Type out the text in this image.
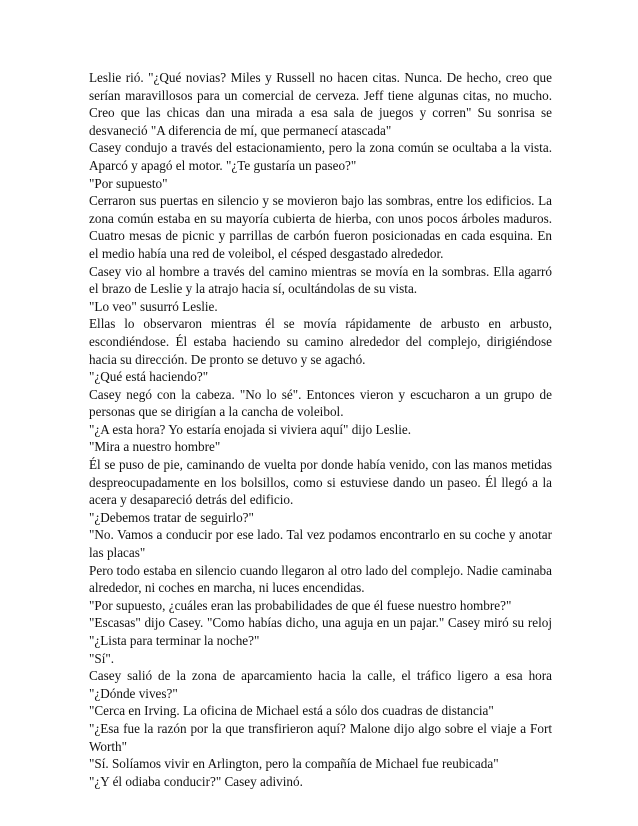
Leslie rió. "¿Qué novias? Miles y Russell no hacen citas. Nunca. De hecho, creo que serían maravillosos para un comercial de cerveza. Jeff tiene algunas citas, no mucho. Creo que las chicas dan una mirada a esa sala de juegos y corren" Su sonrisa se desvaneció "A diferencia de mí, que permanecí atascada"

Casey condujo a través del estacionamiento, pero la zona común se ocultaba a la vista. Aparcó y apagó el motor. "¿Te gustaría un paseo?"

"Por supuesto"

Cerraron sus puertas en silencio y se movieron bajo las sombras, entre los edificios. La zona común estaba en su mayoría cubierta de hierba, con unos pocos árboles maduros. Cuatro mesas de picnic y parrillas de carbón fueron posicionadas en cada esquina. En el medio había una red de voleibol, el césped desgastado alrededor.

Casey vio al hombre a través del camino mientras se movía en la sombras. Ella agarró el brazo de Leslie y la atrajo hacia sí, ocultándolas de su vista.

"Lo veo" susurró Leslie.

Ellas lo observaron mientras él se movía rápidamente de arbusto en arbusto, escondiéndose. Él estaba haciendo su camino alrededor del complejo, dirigiéndose hacia su dirección. De pronto se detuvo y se agachó.

"¿Qué está haciendo?"

Casey negó con la cabeza. "No lo sé". Entonces vieron y escucharon a un grupo de personas que se dirigían a la cancha de voleibol.

"¿A esta hora? Yo estaría enojada si viviera aquí" dijo Leslie.

"Mira a nuestro hombre"

Él se puso de pie, caminando de vuelta por donde había venido, con las manos metidas despreocupadamente en los bolsillos, como si estuviese dando un paseo. Él llegó a la acera y desapareció detrás del edificio.

"¿Debemos tratar de seguirlo?"

"No. Vamos a conducir por ese lado. Tal vez podamos encontrarlo en su coche y anotar las placas"

Pero todo estaba en silencio cuando llegaron al otro lado del complejo. Nadie caminaba alrededor, ni coches en marcha, ni luces encendidas.

"Por supuesto, ¿cuáles eran las probabilidades de que él fuese nuestro hombre?"

"Escasas" dijo Casey. "Como habías dicho, una aguja en un pajar." Casey miró su reloj "¿Lista para terminar la noche?"

"Sí".

Casey salió de la zona de aparcamiento hacia la calle, el tráfico ligero a esa hora "¿Dónde vives?"

"Cerca en Irving. La oficina de Michael está a sólo dos cuadras de distancia"

"¿Esa fue la razón por la que transfirieron aquí? Malone dijo algo sobre el viaje a Fort Worth"

"Sí. Solíamos vivir en Arlington, pero la compañía de Michael fue reubicada"

"¿Y él odiaba conducir?" Casey adivinó.
